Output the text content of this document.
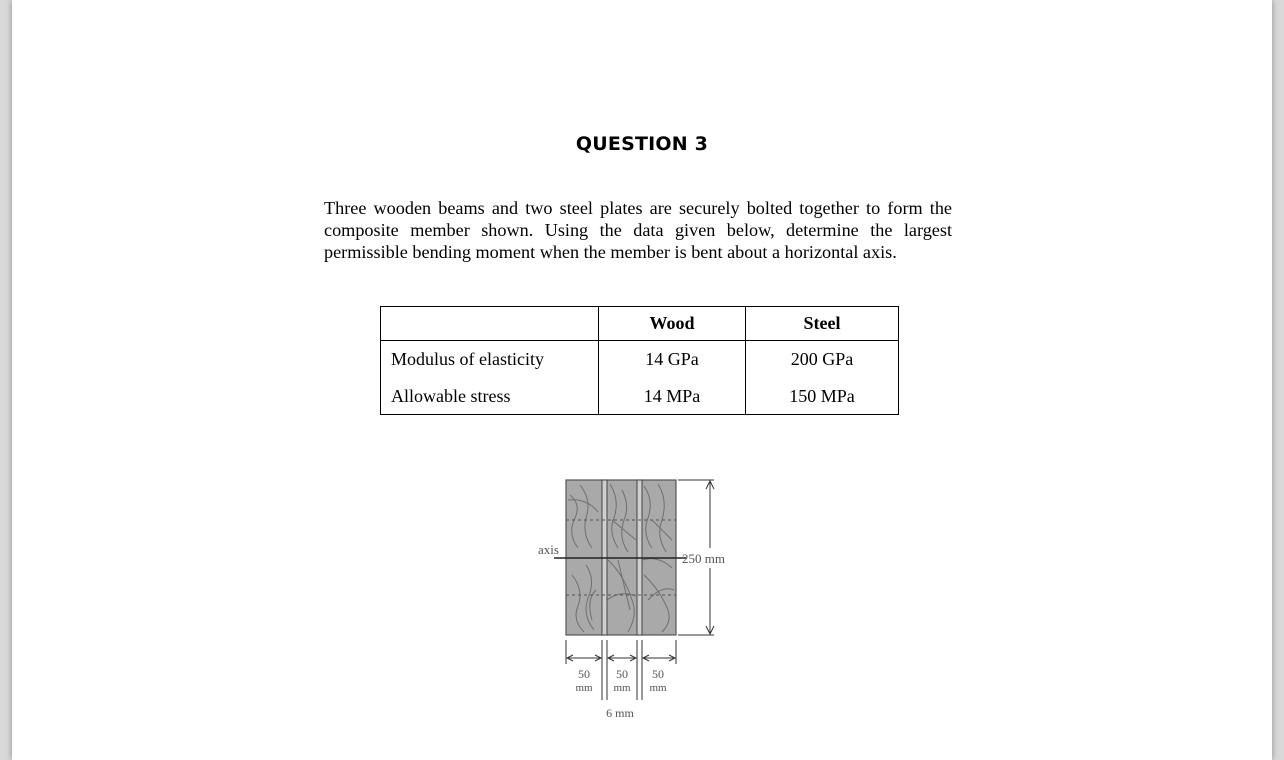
QUESTION 3
Three wooden beams and two steel plates are securely bolted together to form the composite member shown. Using the data given below, determine the largest permissible bending moment when the member is bent about a horizontal axis.
	Wood	Steel
Modulus of elasticity	14 GPa	200 GPa
Allowable stress	14 MPa	150 MPa
axis
250 mm
50
mm
50
mm
50
mm
6 mm
